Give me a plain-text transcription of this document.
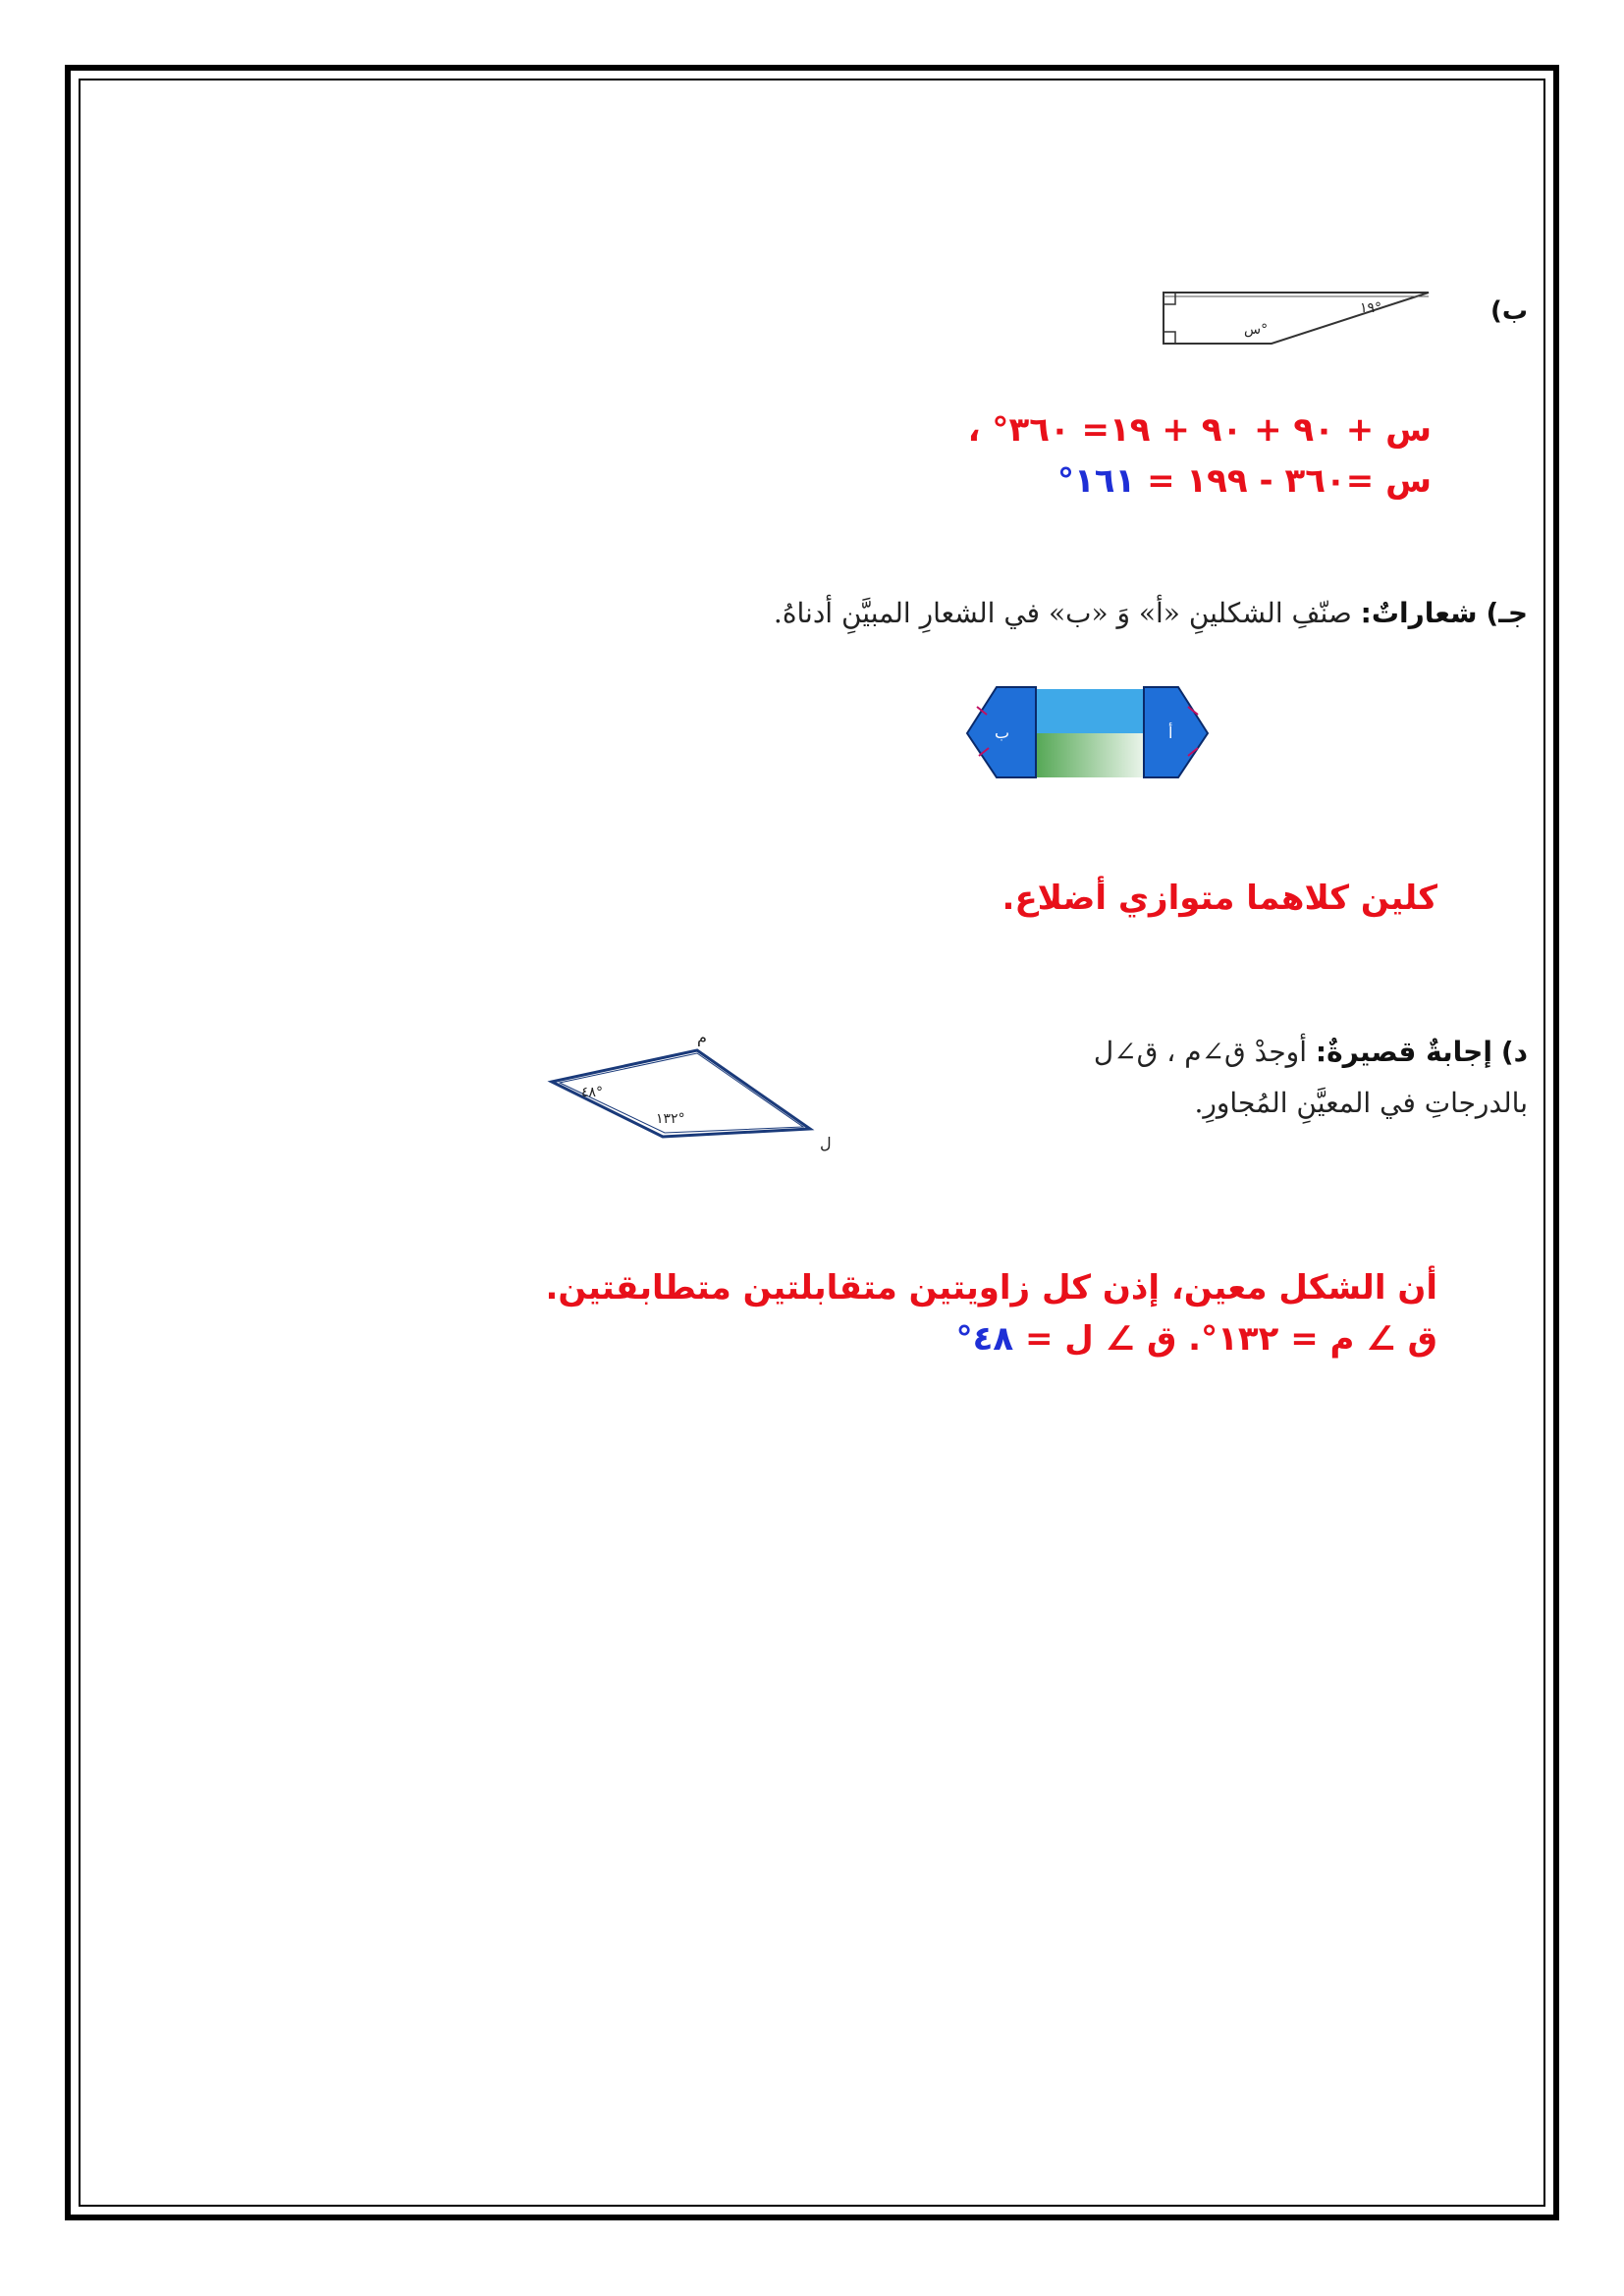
ب)
١٩°
س°
س + ٩٠ + ٩٠ + ١٩= ٣٦٠° ،
س =٣٦٠ - ١٩٩ = ١٦١°
جـ) شعاراتٌ: صنّفِ الشكلينِ «أ» وَ «ب» في الشعارِ المبيَّنِ أدناهُ.
ب	أ
كلين كلاهما متوازي أضلاع.
د) إجابةٌ قصيرةٌ: أوجدْ ق∠م ، ق∠ل
بالدرجاتِ في المعيَّنِ المُجاورِ.
م
ل
٤٨°
١٣٢°
أن الشكل معين، إذن كل زاويتين متقابلتين متطابقتين.
ق ∠ م = ١٣٢°. ق ∠ ل = ٤٨°
